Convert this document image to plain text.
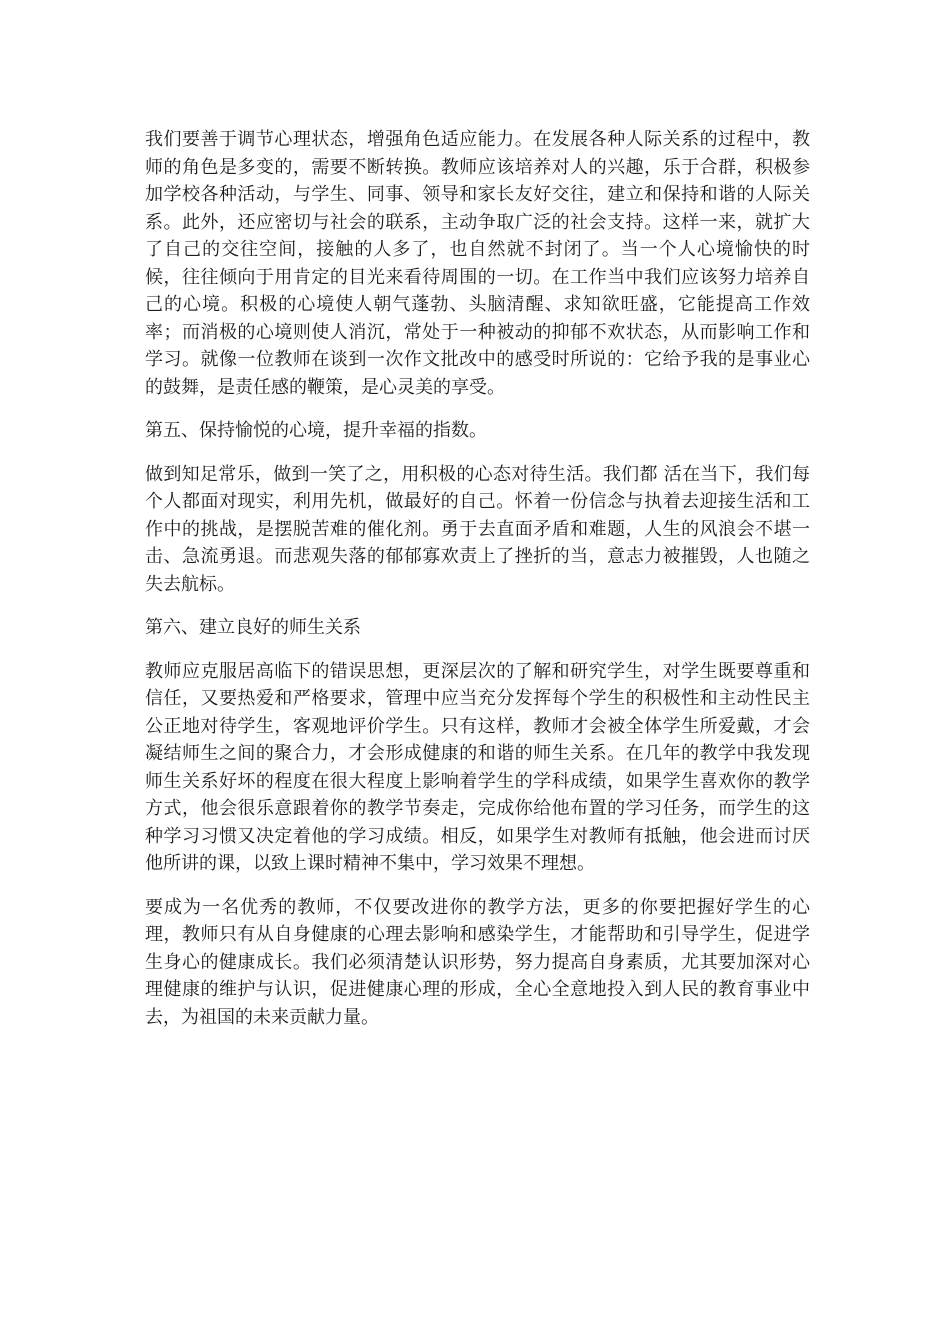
我们要善于调节心理状态，增强角色适应能力。在发展各种人际关系的过程中，教师的角色是多变的，需要不断转换。教师应该培养对人的兴趣，乐于合群，积极参加学校各种活动，与学生、同事、领导和家长友好交往，建立和保持和谐的人际关系。此外，还应密切与社会的联系，主动争取广泛的社会支持。这样一来，就扩大了自己的交往空间，接触的人多了，也自然就不封闭了。当一个人心境愉快的时候，往往倾向于用肯定的目光来看待周围的一切。在工作当中我们应该努力培养自己的心境。积极的心境使人朝气蓬勃、头脑清醒、求知欲旺盛，它能提高工作效率；而消极的心境则使人消沉，常处于一种被动的抑郁不欢状态，从而影响工作和学习。就像一位教师在谈到一次作文批改中的感受时所说的：它给予我的是事业心的鼓舞，是责任感的鞭策，是心灵美的享受。

第五、保持愉悦的心境，提升幸福的指数。

做到知足常乐，做到一笑了之，用积极的心态对待生活。我们都 活在当下，我们每个人都面对现实，利用先机，做最好的自己。怀着一份信念与执着去迎接生活和工作中的挑战，是摆脱苦难的催化剂。勇于去直面矛盾和难题，人生的风浪会不堪一击、急流勇退。而悲观失落的郁郁寡欢责上了挫折的当，意志力被摧毁，人也随之失去航标。

第六、建立良好的师生关系

教师应克服居高临下的错误思想，更深层次的了解和研究学生，对学生既要尊重和信任，又要热爱和严格要求，管理中应当充分发挥每个学生的积极性和主动性民主公正地对待学生，客观地评价学生。只有这样，教师才会被全体学生所爱戴，才会凝结师生之间的聚合力，才会形成健康的和谐的师生关系。在几年的教学中我发现师生关系好坏的程度在很大程度上影响着学生的学科成绩，如果学生喜欢你的教学方式，他会很乐意跟着你的教学节奏走，完成你给他布置的学习任务，而学生的这种学习习惯又决定着他的学习成绩。相反，如果学生对教师有抵触，他会进而讨厌他所讲的课，以致上课时精神不集中，学习效果不理想。

要成为一名优秀的教师，不仅要改进你的教学方法，更多的你要把握好学生的心理，教师只有从自身健康的心理去影响和感染学生，才能帮助和引导学生，促进学生身心的健康成长。我们必须清楚认识形势，努力提高自身素质，尤其要加深对心理健康的维护与认识，促进健康心理的形成，全心全意地投入到人民的教育事业中去，为祖国的未来贡献力量。
